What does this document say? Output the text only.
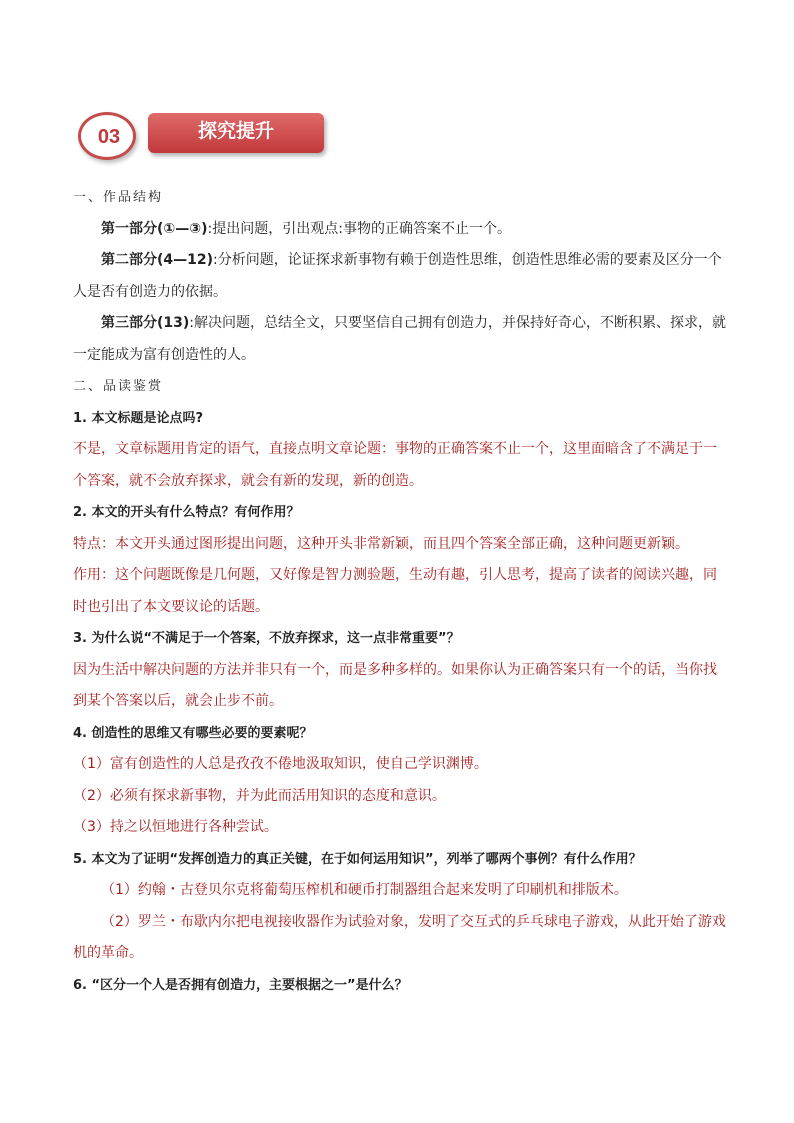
03	探究提升
一、作品结构
第一部分(①—③):提出问题，引出观点:事物的正确答案不止一个。
第二部分(4—12):分析问题，论证探求新事物有赖于创造性思维，创造性思维必需的要素及区分一个
人是否有创造力的依据。
第三部分(13):解决问题，总结全文，只要坚信自己拥有创造力，并保持好奇心，不断积累、探求，就
一定能成为富有创造性的人。
二、品读鉴赏
1. 本文标题是论点吗?
不是，文章标题用肯定的语气，直接点明文章论题：事物的正确答案不止一个，这里面暗含了不满足于一
个答案，就不会放弃探求，就会有新的发现，新的创造。
2. 本文的开头有什么特点？有何作用？
特点：本文开头通过图形提出问题，这种开头非常新颖，而且四个答案全部正确，这种问题更新颖。
作用：这个问题既像是几何题，又好像是智力测验题，生动有趣，引人思考，提高了读者的阅读兴趣，同
时也引出了本文要议论的话题。
3. 为什么说“不满足于一个答案，不放弃探求，这一点非常重要”？
因为生活中解决问题的方法并非只有一个，而是多种多样的。如果你认为正确答案只有一个的话，当你找
到某个答案以后，就会止步不前。
4. 创造性的思维又有哪些必要的要素呢？
（1）富有创造性的人总是孜孜不倦地汲取知识，使自己学识渊博。
（2）必须有探求新事物，并为此而活用知识的态度和意识。
（3）持之以恒地进行各种尝试。
5. 本文为了证明“发挥创造力的真正关键，在于如何运用知识”，列举了哪两个事例？有什么作用？
（1）约翰・古登贝尔克将葡萄压榨机和硬币打制器组合起来发明了印刷机和排版术。
（2）罗兰・布歇内尔把电视接收器作为试验对象，发明了交互式的乒乓球电子游戏，从此开始了游戏
机的革命。
6. “区分一个人是否拥有创造力，主要根据之一”是什么？
